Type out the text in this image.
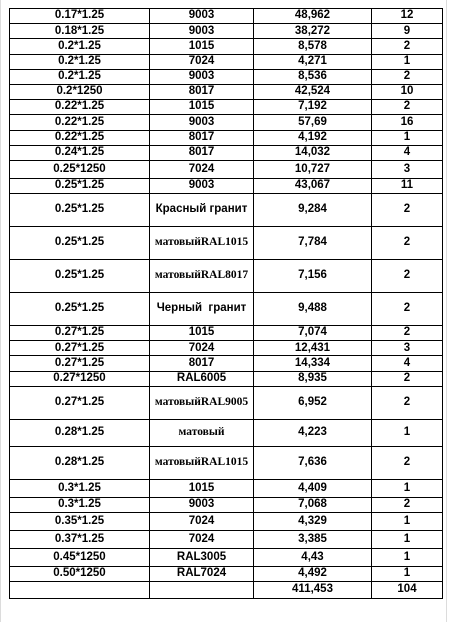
0.17*1.25	9003	48,962	12
0.18*1.25	9003	38,272	9
0.2*1.25	1015	8,578	2
0.2*1.25	7024	4,271	1
0.2*1.25	9003	8,536	2
0.2*1250	8017	42,524	10
0.22*1.25	1015	7,192	2
0.22*1.25	9003	57,69	16
0.22*1.25	8017	4,192	1
0.24*1.25	8017	14,032	4
0.25*1250	7024	10,727	3
0.25*1.25	9003	43,067	11
0.25*1.25	Красный гранит	9,284	2
0.25*1.25	матовыйRAL1015	7,784	2
0.25*1.25	матовыйRAL8017	7,156	2
0.25*1.25	Черный  гранит	9,488	2
0.27*1.25	1015	7,074	2
0.27*1.25	7024	12,431	3
0.27*1.25	8017	14,334	4
0.27*1250	RAL6005	8,935	2
0.27*1.25	матовыйRAL9005	6,952	2
0.28*1.25	матовый	4,223	1
0.28*1.25	матовыйRAL1015	7,636	2
0.3*1.25	1015	4,409	1
0.3*1.25	9003	7,068	2
0.35*1.25	7024	4,329	1
0.37*1.25	7024	3,385	1
0.45*1250	RAL3005	4,43	1
0.50*1250	RAL7024	4,492	1
		411,453	104
